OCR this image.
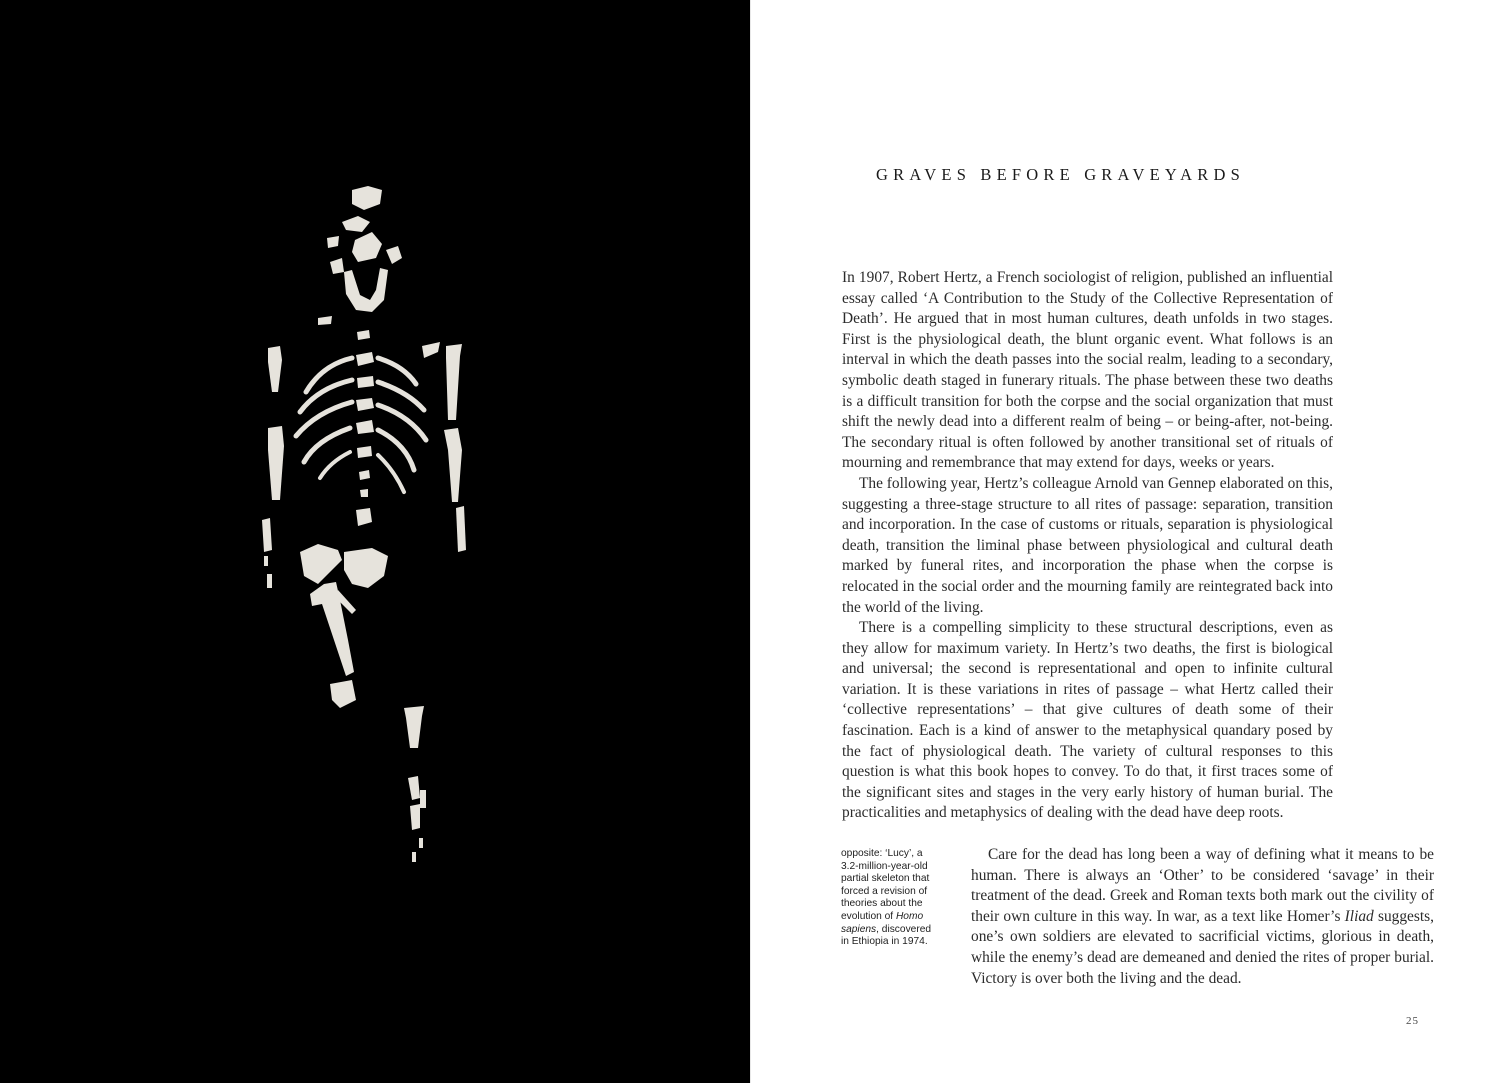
GRAVES BEFORE GRAVEYARDS

In 1907, Robert Hertz, a French sociologist of religion, published an influential essay called ‘A Contribution to the Study of the Collective Representation of Death’. He argued that in most human cultures, death unfolds in two stages. First is the physiological death, the blunt organic event. What follows is an interval in which the death passes into the social realm, leading to a secondary, symbolic death staged in funerary rituals. The phase between these two deaths is a difficult transition for both the corpse and the social organization that must shift the newly dead into a different realm of being – or being-after, not-being. The secondary ritual is often followed by another transitional set of rituals of mourning and remembrance that may extend for days, weeks or years.

The following year, Hertz’s colleague Arnold van Gennep elaborated on this, suggesting a three-stage structure to all rites of passage: separation, transition and incorporation. In the case of customs or rituals, separation is physiological death, transition the liminal phase between physiological and cultural death marked by funeral rites, and incorporation the phase when the corpse is relocated in the social order and the mourning family are reintegrated back into the world of the living.

There is a compelling simplicity to these structural descriptions, even as they allow for maximum variety. In Hertz’s two deaths, the first is biological and universal; the second is representational and open to infinite cultural variation. It is these variations in rites of passage – what Hertz called their ‘collective representations’ – that give cultures of death some of their fascination. Each is a kind of answer to the metaphysical quandary posed by the fact of physiological death. The variety of cultural responses to this question is what this book hopes to convey. To do that, it first traces some of the significant sites and stages in the very early history of human burial. The practicalities and metaphysics of dealing with the dead have deep roots.

opposite: ‘Lucy’, a 3.2-million-year-old partial skeleton that forced a revision of theories about the evolution of Homo sapiens, discovered in Ethiopia in 1974.

Care for the dead has long been a way of defining what it means to be human. There is always an ‘Other’ to be considered ‘savage’ in their treatment of the dead. Greek and Roman texts both mark out the civility of their own culture in this way. In war, as a text like Homer’s Iliad suggests, one’s own soldiers are elevated to sacrificial victims, glorious in death, while the enemy’s dead are demeaned and denied the rites of proper burial. Victory is over both the living and the dead.

25
